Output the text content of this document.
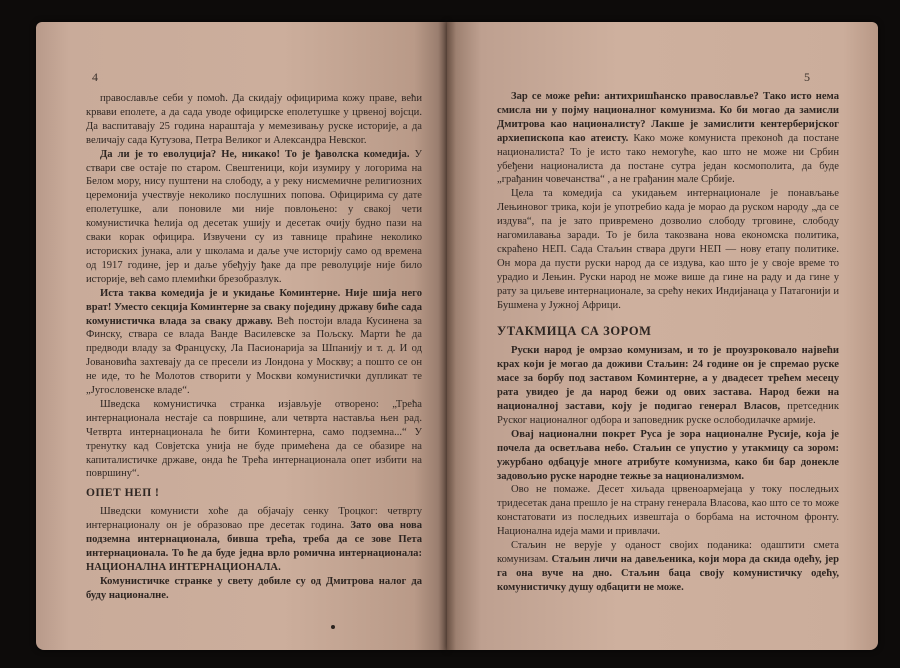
4

православље себи у помоћ. Да скидају официрима кожу праве, већи крвави еполете, а да сада уводе официрске еполетушке у црвеној војсци. Да васпитавају 25 година нараштаја у мемезивању руске историје, а да величају сада Кутузова, Петра Великог и Александра Невског.

Да ли је то еволуција? Не, никако! То је ђаволска комедија. У ствари све остаје по старом. Свештеници, који изумиру у логорима на Белом мору, нису пуштени на слободу, а у реку нисмемичне религиозних церемонија учествује неколико послушних попова. Официрима су дате еполетушке, али поновиле ми није повлоњено: у свакој чети комунистичка ћелија од десетак ушију и десетак очију будно пази на сваки корак официра. Извучени су из тавнице праћине неколико историских јунака, али у школама и даље уче историју само од времена од 1917 године, јер и даље убеђују ђаке да пре револуције није било историје, већ само племићки брезобразлук.

Иста таква комедија је и укидање Коминтерне. Није шија него врат! Уместо секција Коминтерне за сваку поједину државу биће сада комунистичка влада за сваку државу. Већ постоји влада Кусинена за Финску, ствара се влада Ванде Василевске за Пољску. Марти ће да предводи владу за Француску, Ла Пасионарија за Шпанију и т. д. И од Јовановића захтевају да се пресели из Лондона у Москву; а пошто се он не иде, то ће Молотов створити у Москви комунистички дупликат те „Југословенске владе“.

Шведска комунистичка странка изјављује отворено: „Трећа интернационала нестаје са површине, али четврта наставља њен рад. Четврта интернационала ће бити Коминтерна, само подземна...“ У тренутку кад Совјетска унија не буде примећена да се обазире на капиталистичке државе, онда ће Трећа интернационала опет избити на површину“.

ОПЕТ НЕП !

Шведски комунисти хоће да објачају сенку Троцког: четврту интернационалу он је образовао пре десетак година. Зато ова нова подземна интернационала, бивша трећа, треба да се зове Пета интернационала. То ће да буде једна врло ромична интернационала: НАЦИОНАЛНА ИНТЕРНАЦИОНАЛА.

Комунистичке странке у свету добиле су од Дмитрова налог да буду националне.

5

Зар се може рећи: антихришћанско православље? Тако исто нема смисла ни у појму националног комунизма. Ко би могао да замисли Дмитрова као националисту? Лакше је замислити кентерберијског архиепископа као атеисту. Како може комуниста преконоћ да постане националиста? То је исто тако немогуће, као што не може ни Србин убеђени националиста да постане сутра један космополита, да буде „грађанин човечанства“ , а не грађанин мале Србије.

Цела та комедија са укидањем интернационале је понављање Лењиновог трика, који је употребио када је морао да руском народу „да се издува“, па је зато привремено дозволио слободу трговине, слободу нагомилавања заради. То је била такозвана нова економска политика, скраћено НЕП. Сада Стаљин ствара други НЕП — нову етапу политике. Он мора да пусти руски народ да се издува, као што је у своје време то урадио и Лењин. Руски народ не може више да гине на раду и да гине у рату за циљеве интернационале, за срећу неких Индијанаца у Патагонији и Бушмена у Јужној Африци.

УТАКМИЦА СА ЗОРОМ

Руски народ је омрзао комунизам, и то је проузроковало највећи крах који је могао да доживи Стаљин: 24 године он је спремао руске масе за борбу под заставом Коминтерне, а у двадесет трећем месецу рата увидео је да народ бежи од ових застава. Народ бежи на националној застави, коју је подигао генерал Власов, претседник Руског националног одбора и заповедник руске ослободилачке армије.

Овај национални покрет Руса је зора националне Русије, која је почела да осветљава небо. Стаљин се упустио у утакмицу са зором: ужурбано одбацује многе атрибуте комунизма, како би бар донекле задовољио руске народне тежње за национализмом.

Ово не помаже. Десет хиљада црвеноармејаца у току последњих тридесетак дана прешло је на страну генерала Власова, као што се то може констатовати из последњих извештаја о борбама на источном фронту. Национална идеја мами и привлачи.

Стаљин не верује у оданост својих поданика: одаштити смета комунизам. Стаљин личи на давељеника, који мора да скида одећу, јер га она вуче на дно. Стаљин баца своју комунистичку одећу, комунистичку душу одбацити не може.
